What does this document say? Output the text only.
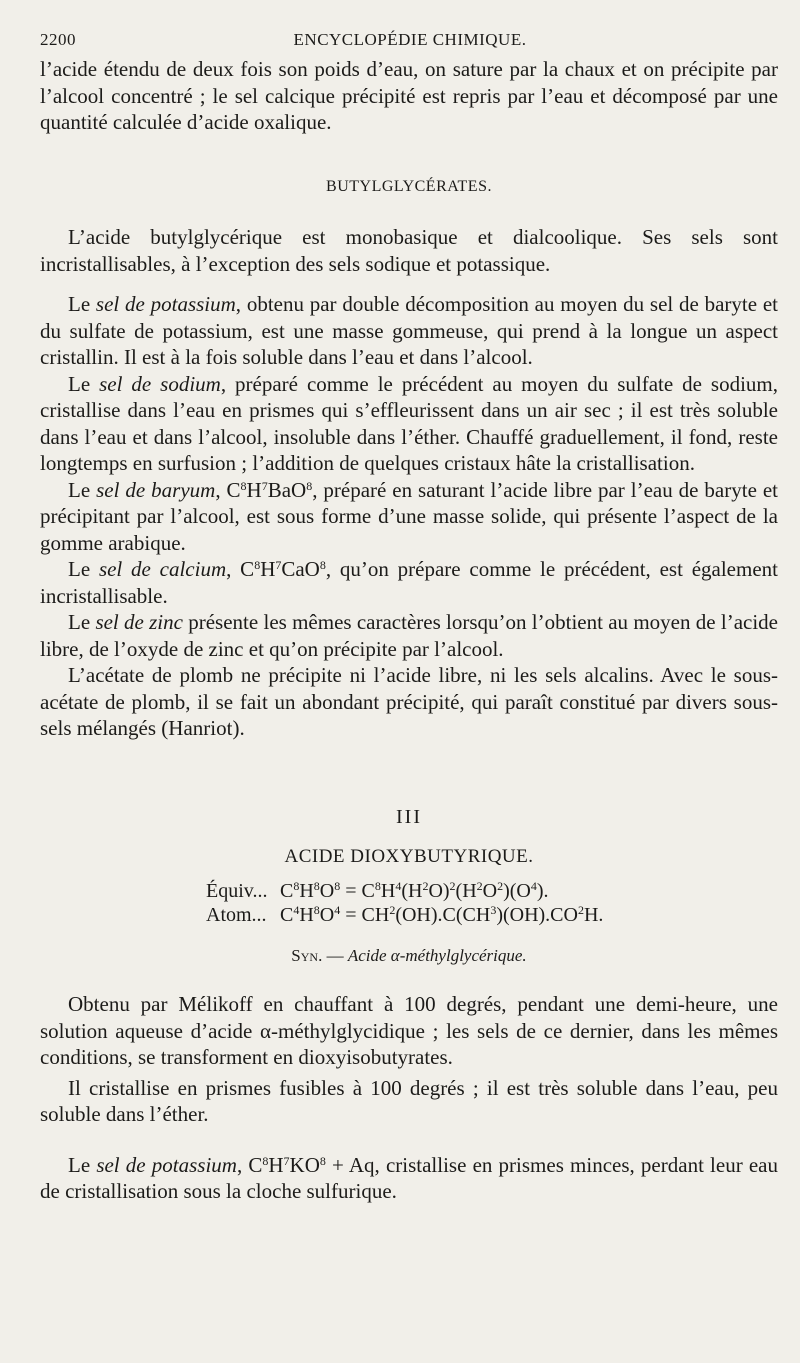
2200	ENCYCLOPÉDIE CHIMIQUE.

l’acide étendu de deux fois son poids d’eau, on sature par la chaux et on précipite par l’alcool concentré ; le sel calcique précipité est repris par l’eau et décomposé par une quantité calculée d’acide oxalique.

BUTYLGLYCÉRATES.

L’acide butylglycérique est monobasique et dialcoolique. Ses sels sont incristallisables, à l’exception des sels sodique et potassique.

Le sel de potassium, obtenu par double décomposition au moyen du sel de baryte et du sulfate de potassium, est une masse gommeuse, qui prend à la longue un aspect cristallin. Il est à la fois soluble dans l’eau et dans l’alcool.

Le sel de sodium, préparé comme le précédent au moyen du sulfate de sodium, cristallise dans l’eau en prismes qui s’effleurissent dans un air sec ; il est très soluble dans l’eau et dans l’alcool, insoluble dans l’éther. Chauffé graduellement, il fond, reste longtemps en surfusion ; l’addition de quelques cristaux hâte la cristallisation.

Le sel de baryum, $C^8H^7BaO^8$, préparé en saturant l’acide libre par l’eau de baryte et précipitant par l’alcool, est sous forme d’une masse solide, qui présente l’aspect de la gomme arabique.

Le sel de calcium, $C^8H^7CaO^8$, qu’on prépare comme le précédent, est également incristallisable.

Le sel de zinc présente les mêmes caractères lorsqu’on l’obtient au moyen de l’acide libre, de l’oxyde de zinc et qu’on précipite par l’alcool.

L’acétate de plomb ne précipite ni l’acide libre, ni les sels alcalins. Avec le sous-acétate de plomb, il se fait un abondant précipité, qui paraît constitué par divers sous-sels mélangés (Hanriot).

III

ACIDE DIOXYBUTYRIQUE.

Équiv... $C^8H^8O^8 = C^8H^4(H^2O)^2(H^2O^2)(O^4)$.
Atom... $C^4H^8O^4 = CH^2(OH).C(CH^3)(OH).CO^2H$.

Syn. — Acide α-méthylglycérique.

Obtenu par Mélikoff en chauffant à 100 degrés, pendant une demi-heure, une solution aqueuse d’acide α-méthylglycidique ; les sels de ce dernier, dans les mêmes conditions, se transforment en dioxyisobutyrates.

Il cristallise en prismes fusibles à 100 degrés ; il est très soluble dans l’eau, peu soluble dans l’éther.

Le sel de potassium, $C^8H^7KO^8 + Aq$, cristallise en prismes minces, perdant leur eau de cristallisation sous la cloche sulfurique.
